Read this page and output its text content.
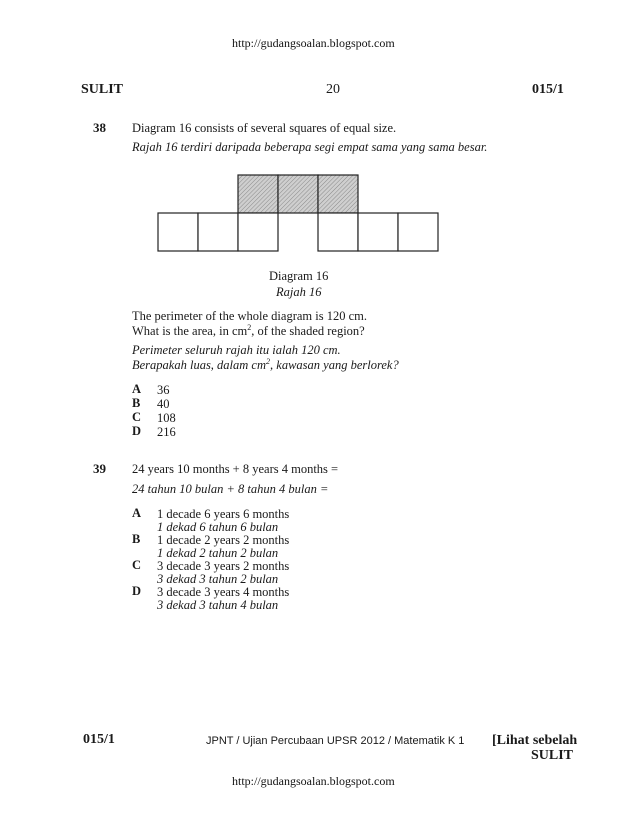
http://gudangsoalan.blogspot.com
SULIT	20	015/1
38 Diagram 16 consists of several squares of equal size.
Rajah 16 terdiri daripada beberapa segi empat sama yang sama besar.
Diagram 16
Rajah 16
The perimeter of the whole diagram is 120 cm.
What is the area, in $cm^2$, of the shaded region?
Perimeter seluruh rajah itu ialah 120 cm.
Berapakah luas, dalam $cm^2$, kawasan yang berlorek?
A 36
B 40
C 108
D 216
39 24 years 10 months + 8 years 4 months =
24 tahun 10 bulan + 8 tahun 4 bulan =
A 1 decade 6 years 6 months
1 dekad 6 tahun 6 bulan
B 1 decade 2 years 2 months
1 dekad 2 tahun 2 bulan
C 3 decade 3 years 2 months
3 dekad 3 tahun 2 bulan
D 3 decade 3 years 4 months
3 dekad 3 tahun 4 bulan
015/1	JPNT / Ujian Percubaan UPSR 2012 / Matematik K 1 [Lihat sebelah
SULIT
http://gudangsoalan.blogspot.com
